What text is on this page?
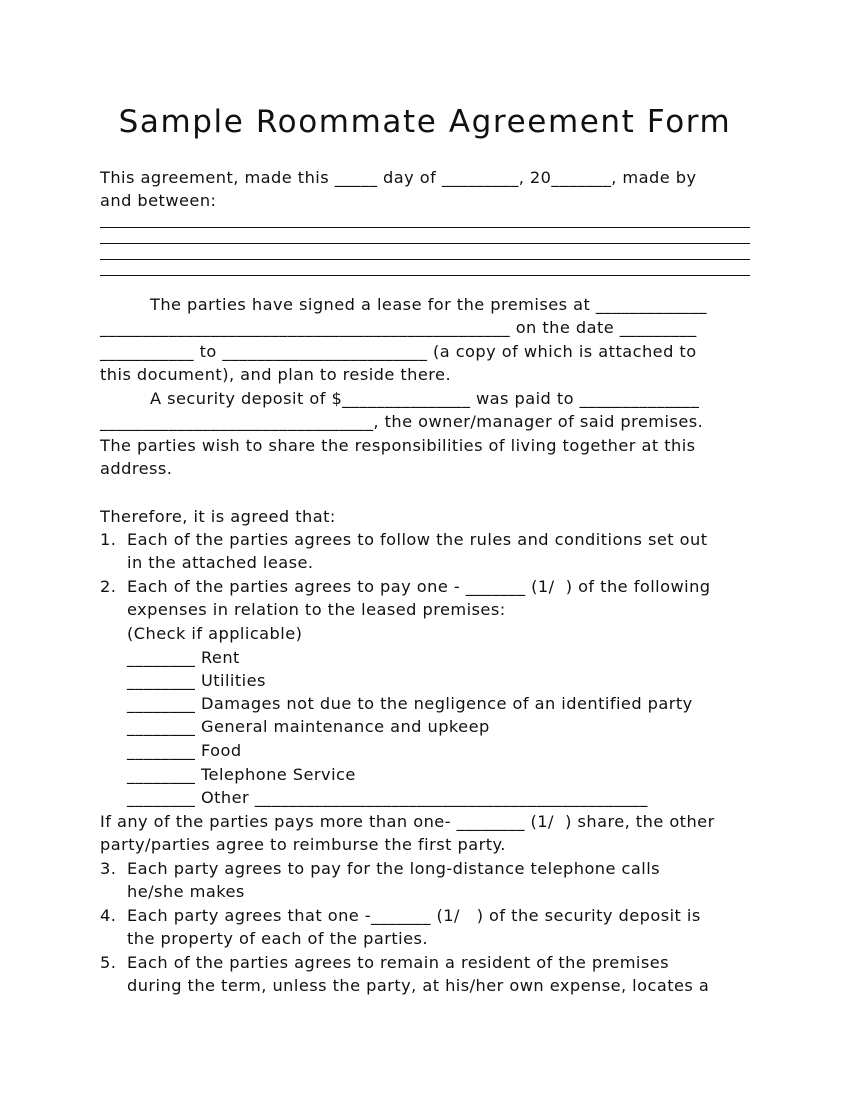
Sample Roommate Agreement Form
This agreement, made this _____ day of _________, 20_______, made by
and between:
The parties have signed a lease for the premises at _____________
________________________________________________ on the date _________
___________ to ________________________ (a copy of which is attached to
this document), and plan to reside there.
A security deposit of $_______________ was paid to ______________
________________________________, the owner/manager of said premises.
The parties wish to share the responsibilities of living together at this
address.
Therefore, it is agreed that:
1. Each of the parties agrees to follow the rules and conditions set out
in the attached lease.
2. Each of the parties agrees to pay one - _______ (1/  ) of the following
expenses in relation to the leased premises:
(Check if applicable)
________ Rent
________ Utilities
________ Damages not due to the negligence of an identified party
________ General maintenance and upkeep
________ Food
________ Telephone Service
________ Other ______________________________________________
If any of the parties pays more than one- ________ (1/  ) share, the other
party/parties agree to reimburse the first party.
3. Each party agrees to pay for the long-distance telephone calls
he/she makes
4. Each party agrees that one -_______ (1/   ) of the security deposit is
the property of each of the parties.
5. Each of the parties agrees to remain a resident of the premises
during the term, unless the party, at his/her own expense, locates a
